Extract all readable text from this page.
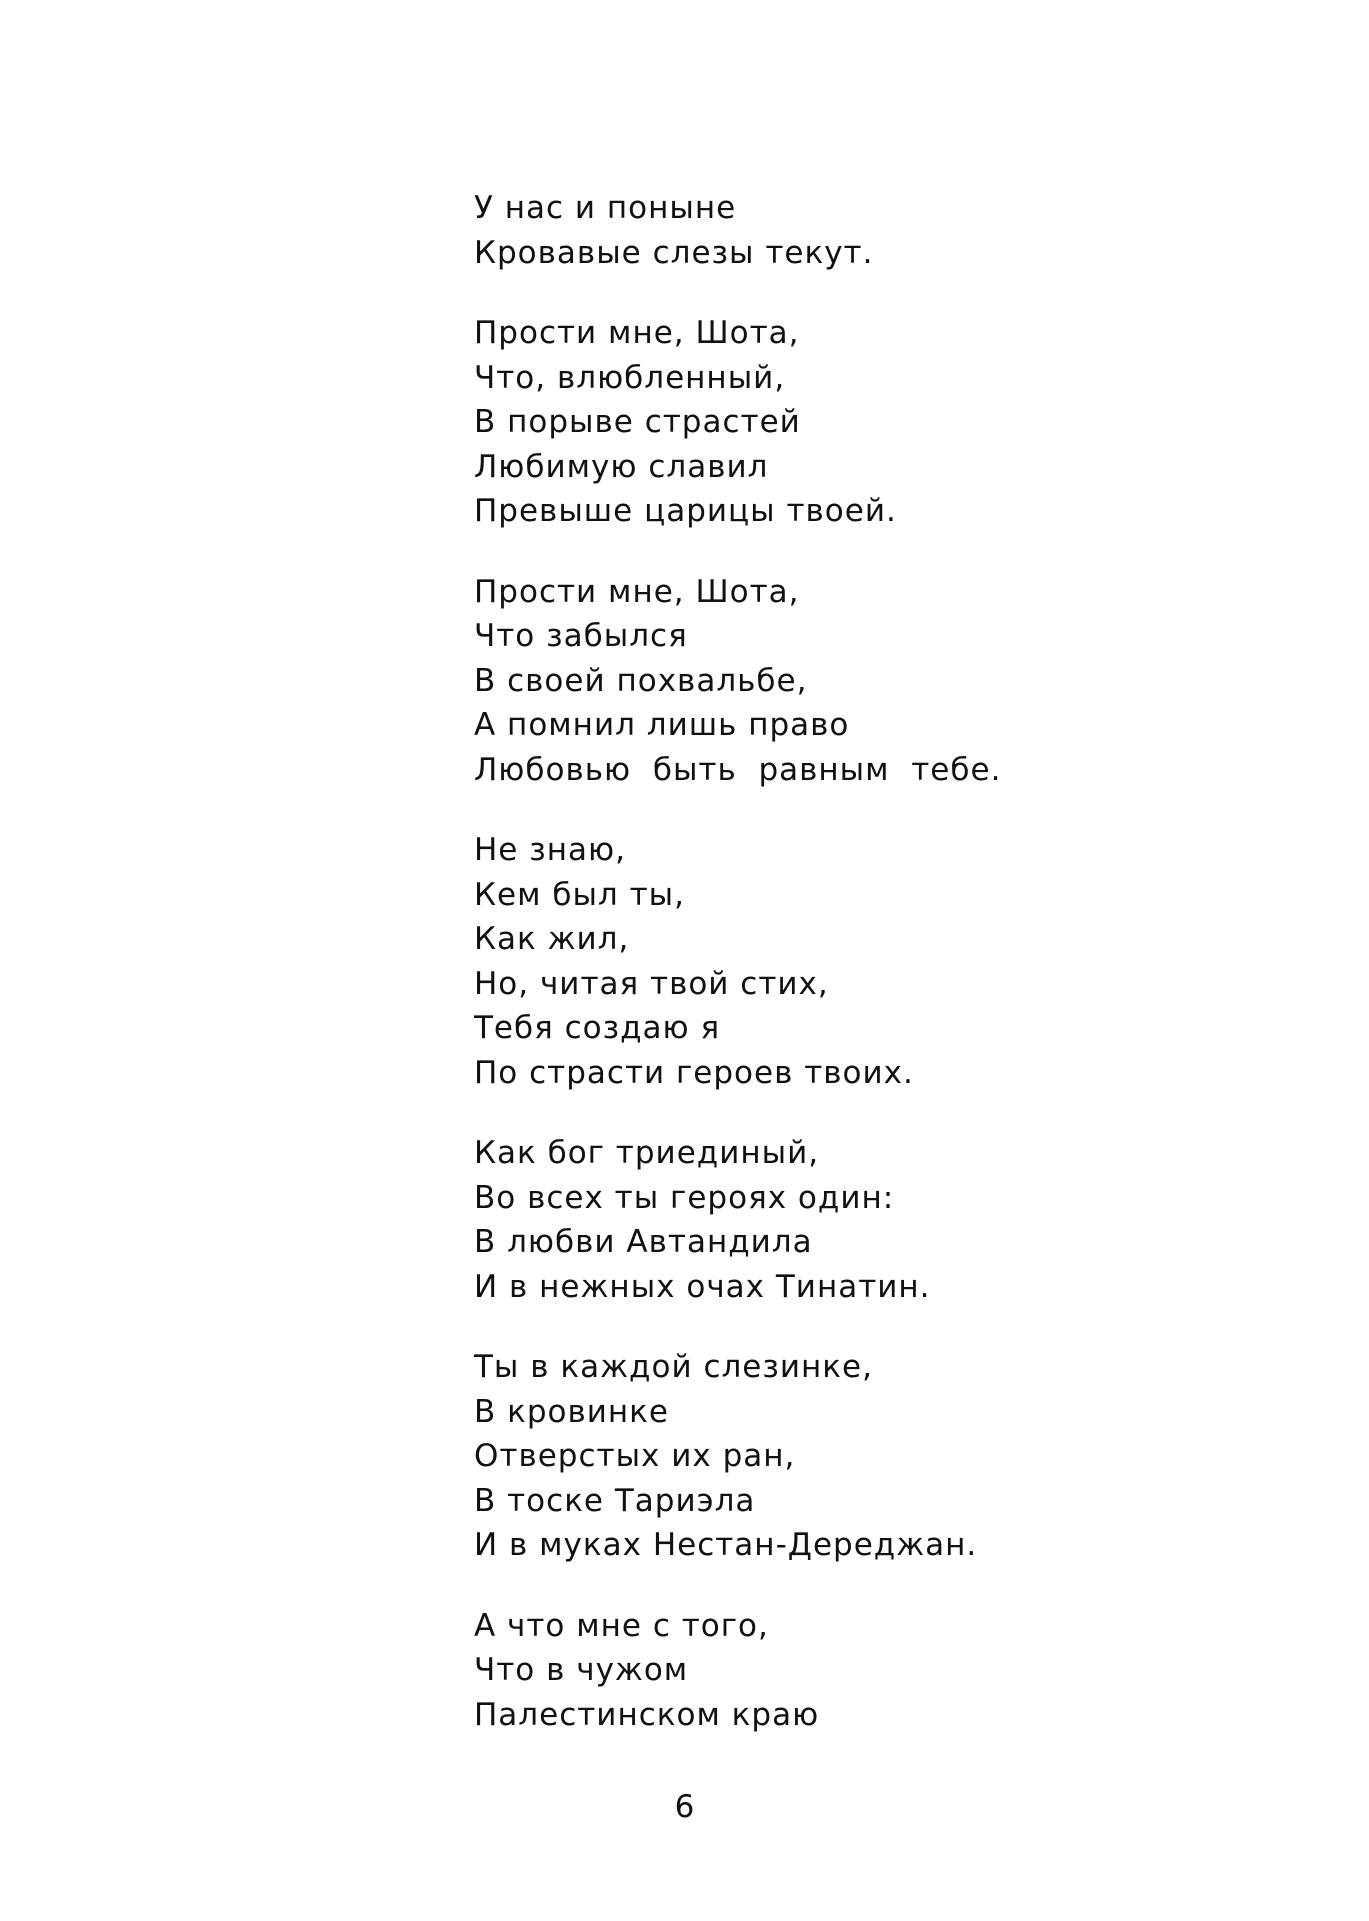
У нас и поныне
Кровавые слезы текут.
Прости мне, Шота,
Что, влюбленный,
В порыве страстей
Любимую славил
Превыше царицы твоей.
Прости мне, Шота,
Что забылся
В своей похвальбе,
А помнил лишь право
Любовью  быть  равным  тебе.
Не знаю,
Кем был ты,
Как жил,
Но, читая твой стих,
Тебя создаю я
По страсти героев твоих.
Как бог триединый,
Во всех ты героях один:
В любви Автандила
И в нежных очах Тинатин.
Ты в каждой слезинке,
В кровинке
Отверстых их ран,
В тоске Тариэла
И в муках Нестан-Дереджан.
А что мне с того,
Что в чужом
Палестинском краю
6
